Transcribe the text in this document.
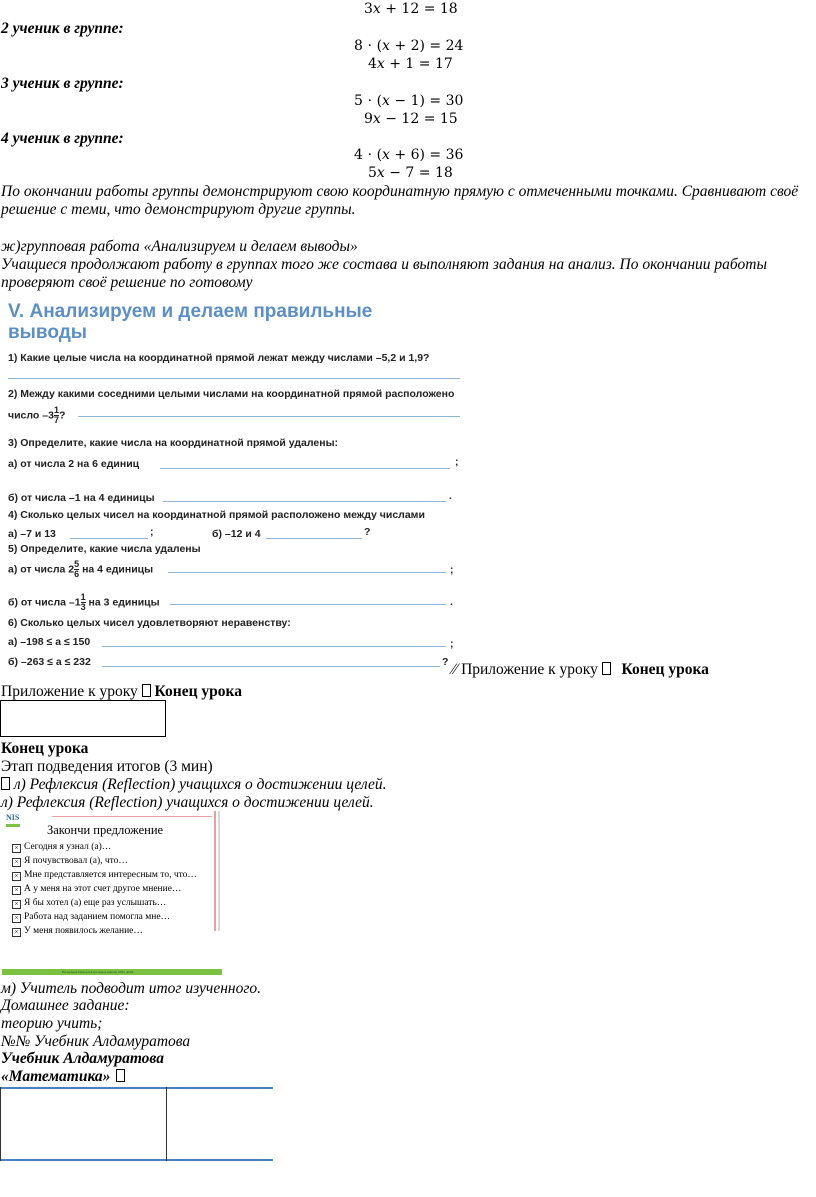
3𝑥 + 12 = 18
2 ученик в группе:
8 ⋅ (𝑥 + 2) = 24
4𝑥 + 1 = 17
3 ученик в группе:
5 ⋅ (𝑥 − 1) = 30
9𝑥 − 12 = 15
4 ученик в группе:
4 ⋅ (𝑥 + 6) = 36
5𝑥 − 7 = 18
По окончании работы группы демонстрируют свою координатную прямую с отмеченными точками. Сравнивают своё решение с теми, что демонстрируют другие группы.
ж)групповая работа «Анализируем и делаем выводы»
Учащиеся продолжают работу в группах того же состава и выполняют задания на анализ. По окончании работы проверяют своё решение по готовому
V. Анализируем и делаем правильные
выводы
1) Какие целые числа на координатной прямой лежат между числами –5,2 и 1,9?
2) Между какими соседними целыми числами на координатной прямой расположено
число $-3 \frac{1}{7}$ ?
3) Определите, какие числа на координатной прямой удалены:
а) от числа 2 на 6 единиц	;
б) от числа –1 на 4 единицы	.
4) Сколько целых чисел на координатной прямой расположено между числами
а) –7 и 13	;	б) –12 и 4	?
5) Определите, какие числа удалены
а) от числа $2 \frac{5}{6}$ на 4 единицы	;
б) от числа $-1 \frac{1}{3}$ на 3 единицы	.
6) Сколько целых чисел удовлетворяют неравенству:
а) –198 ≤ a ≤ 150	;
б) –263 ≤ a ≤ 232	? ⁄⁄ Приложение к уроку Конец урока
Приложение к уроку Конец урока
Конец урока
Этап подведения итогов (3 мин)
л) Рефлексия (Reflection) учащихся о достижении целей.
л) Рефлексия (Reflection) учащихся о достижении целей.
NIS
Закончи предложение
× Сегодня я узнал (а)…
× Я почувствовал (а), что…
× Мне представляется интересным то, что…
× А у меня на этот счет другое мнение…
× Я бы хотел (а) еще раз услышать…
× Работа над заданием помогла мне…
× У меня появилось желание…
Назарбаев Интеллектуальные школы 2022 АОО
м) Учитель подводит итог изученного.
Домашнее задание:
теорию учить;
№№ Учебник Алдамуратова
Учебник Алдамуратова
«Математика»
